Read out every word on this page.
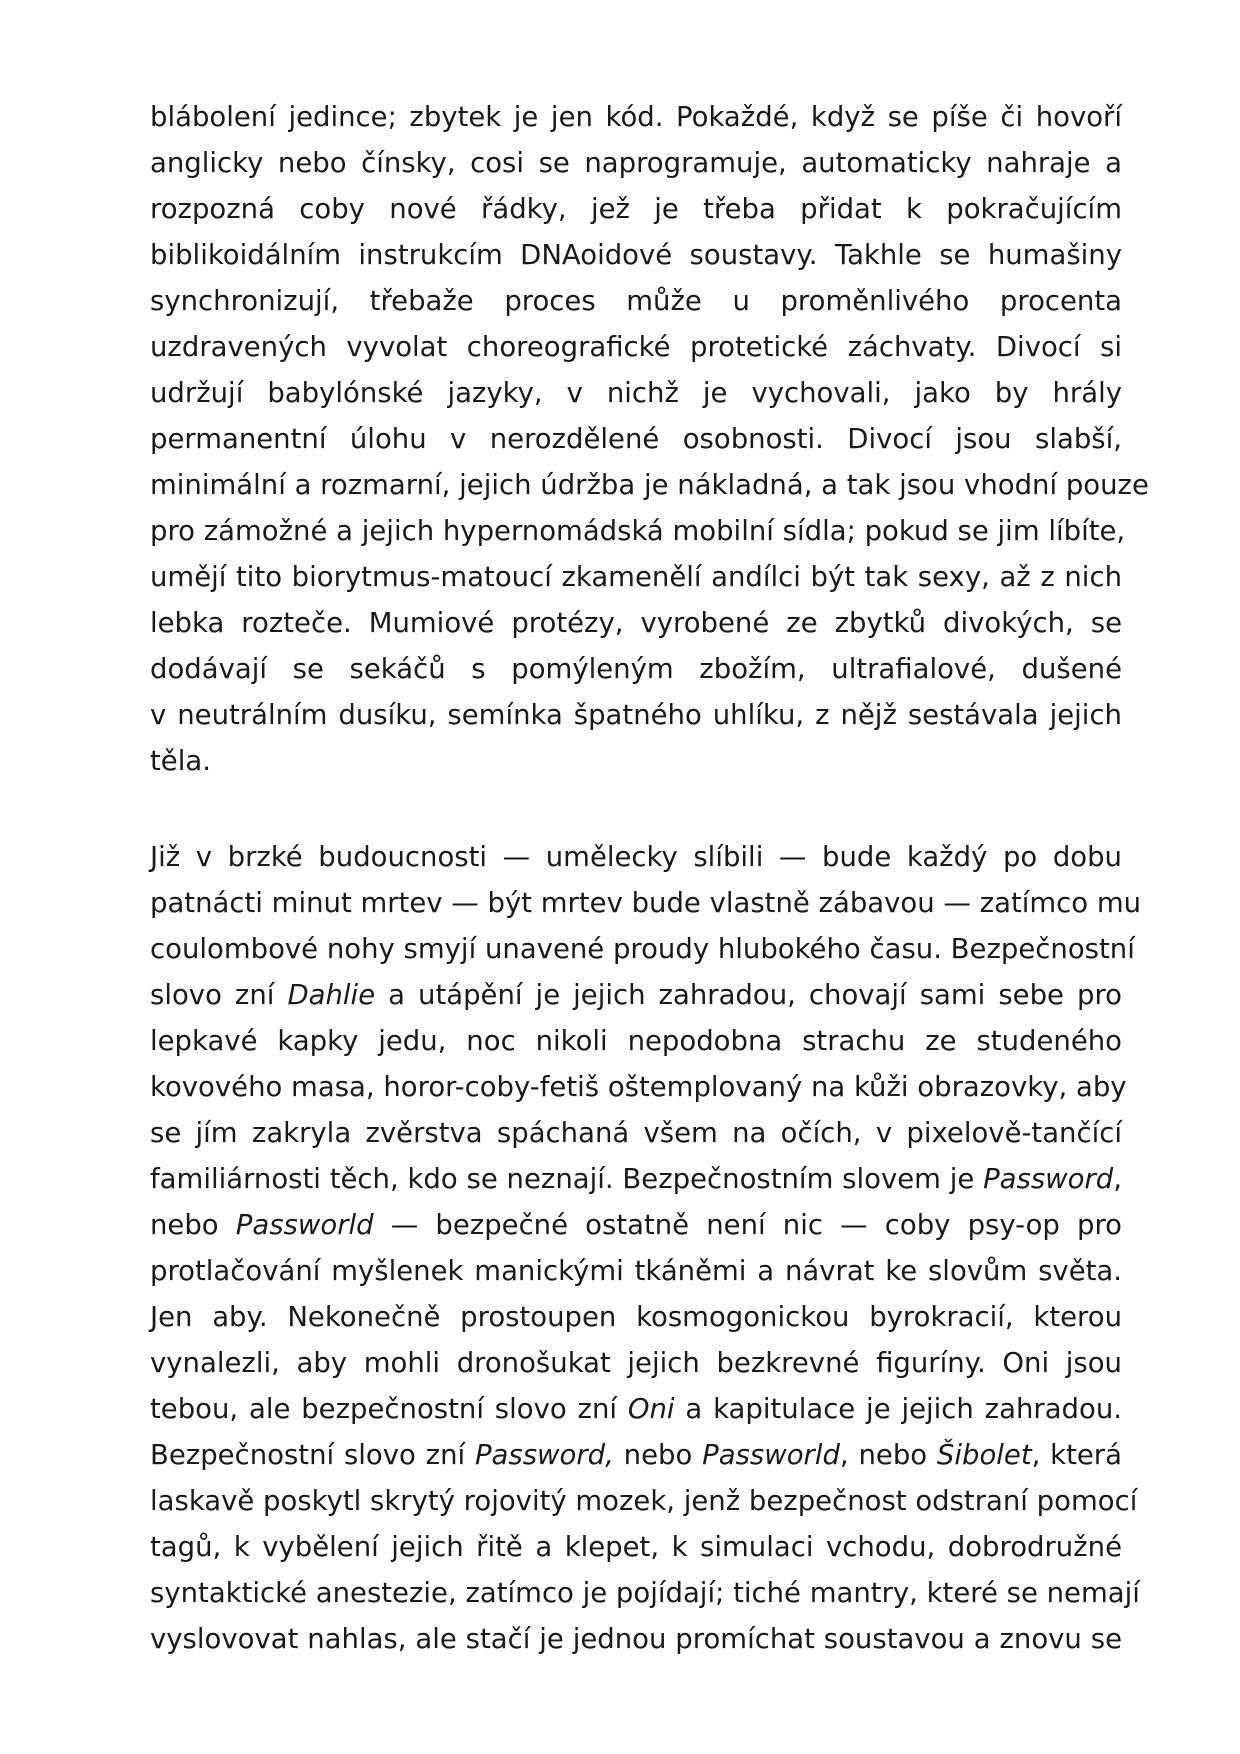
blábolení jedince; zbytek je jen kód. Pokaždé, když se píše či hovoří
anglicky nebo čínsky, cosi se naprogramuje, automaticky nahraje a
rozpozná coby nové řádky, jež je třeba přidat k pokračujícím
biblikoidálním instrukcím DNAoidové soustavy. Takhle se humašiny
synchronizují, třebaže proces může u proměnlivého procenta
uzdravených vyvolat choreografické protetické záchvaty. Divocí si
udržují babylónské jazyky, v nichž je vychovali, jako by hrály
permanentní úlohu v nerozdělené osobnosti. Divocí jsou slabší,
minimální a rozmarní, jejich údržba je nákladná, a tak jsou vhodní pouze
pro zámožné a jejich hypernomádská mobilní sídla; pokud se jim líbíte,
umějí tito biorytmus-matoucí zkamenělí andílci být tak sexy, až z nich
lebka rozteče. Mumiové protézy, vyrobené ze zbytků divokých, se
dodávají se sekáčů s pomýleným zbožím, ultrafialové, dušené
v neutrálním dusíku, semínka špatného uhlíku, z nějž sestávala jejich
těla.
Již v brzké budoucnosti — umělecky slíbili — bude každý po dobu
patnácti minut mrtev — být mrtev bude vlastně zábavou — zatímco mu
coulombové nohy smyjí unavené proudy hlubokého času. Bezpečnostní
slovo zní Dahlie a utápění je jejich zahradou, chovají sami sebe pro
lepkavé kapky jedu, noc nikoli nepodobna strachu ze studeného
kovového masa, horor-coby-fetiš oštemplovaný na kůži obrazovky, aby
se jím zakryla zvěrstva spáchaná všem na očích, v pixelově-tančící
familiárnosti těch, kdo se neznají. Bezpečnostním slovem je Password,
nebo Passworld — bezpečné ostatně není nic — coby psy-op pro
protlačování myšlenek manickými tkáněmi a návrat ke slovům světa.
Jen aby. Nekonečně prostoupen kosmogonickou byrokracií, kterou
vynalezli, aby mohli dronošukat jejich bezkrevné figuríny. Oni jsou
tebou, ale bezpečnostní slovo zní Oni a kapitulace je jejich zahradou.
Bezpečnostní slovo zní Password, nebo Passworld, nebo Šibolet, která
laskavě poskytl skrytý rojovitý mozek, jenž bezpečnost odstraní pomocí
tagů, k vybělení jejich řitě a klepet, k simulaci vchodu, dobrodružné
syntaktické anestezie, zatímco je pojídají; tiché mantry, které se nemají
vyslovovat nahlas, ale stačí je jednou promíchat soustavou a znovu se
